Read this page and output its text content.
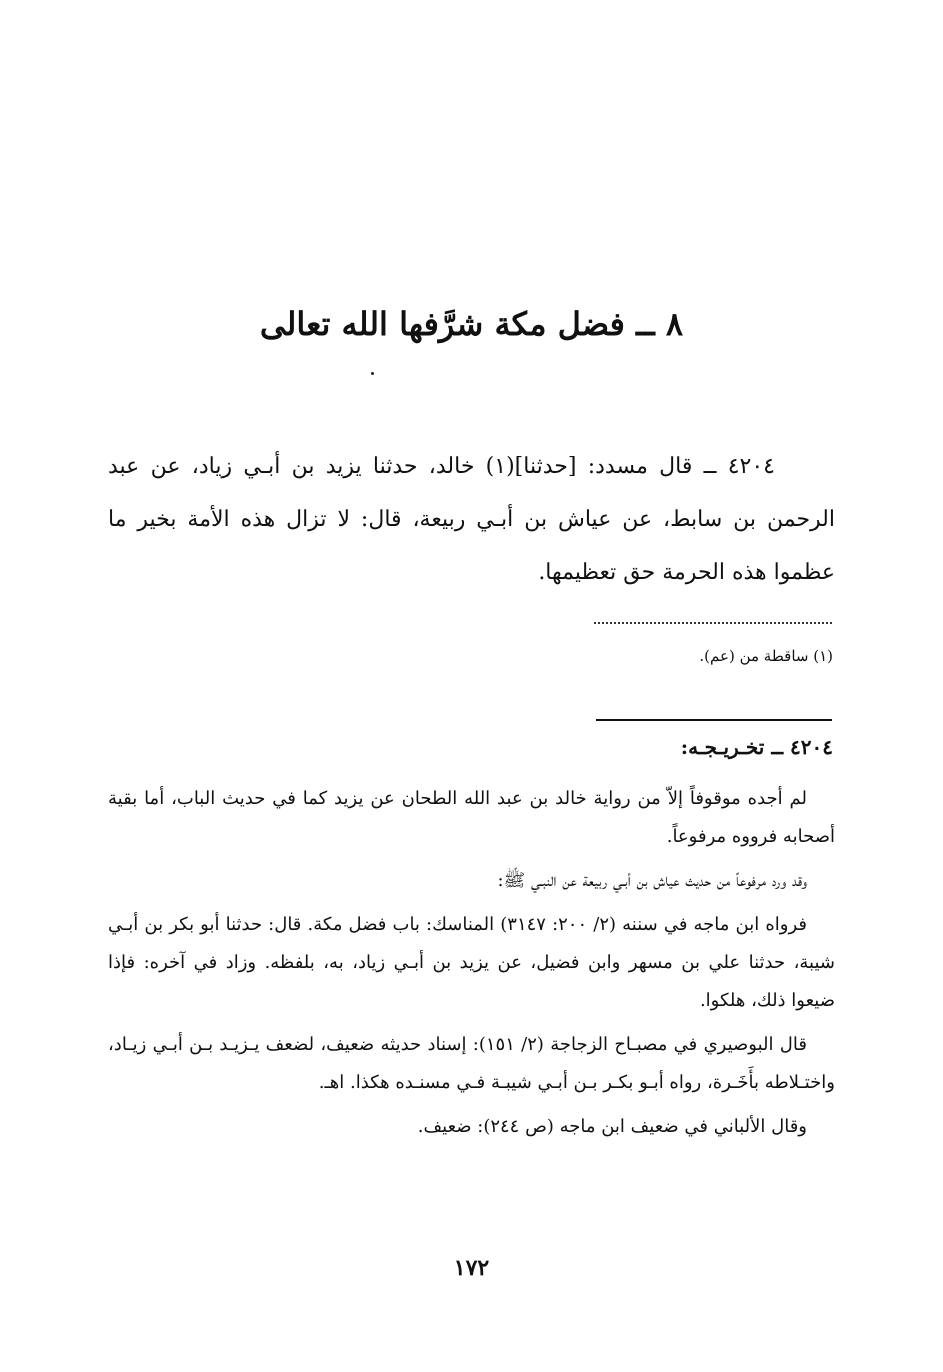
٨ ــ فضل مكة شرَّفها الله تعالى
٤٢٠٤ ــ قال مسدد: [حدثنا](١) خالد، حدثنا يزيد بن أبـي زياد، عن عبد الرحمن بن سابط، عن عياش بن أبـي ربيعة، قال: لا تزال هذه الأمة بخير ما عظموا هذه الحرمة حق تعظيمها.
(١) ساقطة من (عم).
٤٢٠٤ ــ تخـريـجـه:

لم أجده موقوفاً إلاّ من رواية خالد بن عبد الله الطحان عن يزيد كما في حديث الباب، أما بقية أصحابه فرووه مرفوعاً.

وقد ورد مرفوعاً من حديث عياش بن أبـي ربيعة عن النبـي ﷺ:

فرواه ابن ماجه في سننه (٢/ ٢٠٠: ٣١٤٧) المناسك: باب فضل مكة. قال: حدثنا أبو بكر بن أبـي شيبة، حدثنا علي بن مسهر وابن فضيل، عن يزيد بن أبـي زياد، به، بلفظه. وزاد في آخره: فإذا ضيعوا ذلك، هلكوا.

قال البوصيري في مصبـاح الزجاجة (٢/ ١٥١): إسناد حديثه ضعيف، لضعف يـزيـد بـن أبـي زيـاد، واختـلاطه بأَخَـرة، رواه أبـو بكـر بـن أبـي شيبـة فـي مسنـده هكذا. اهـ.

وقال الألباني في ضعيف ابن ماجه (ص ٢٤٤): ضعيف.

١٧٢
